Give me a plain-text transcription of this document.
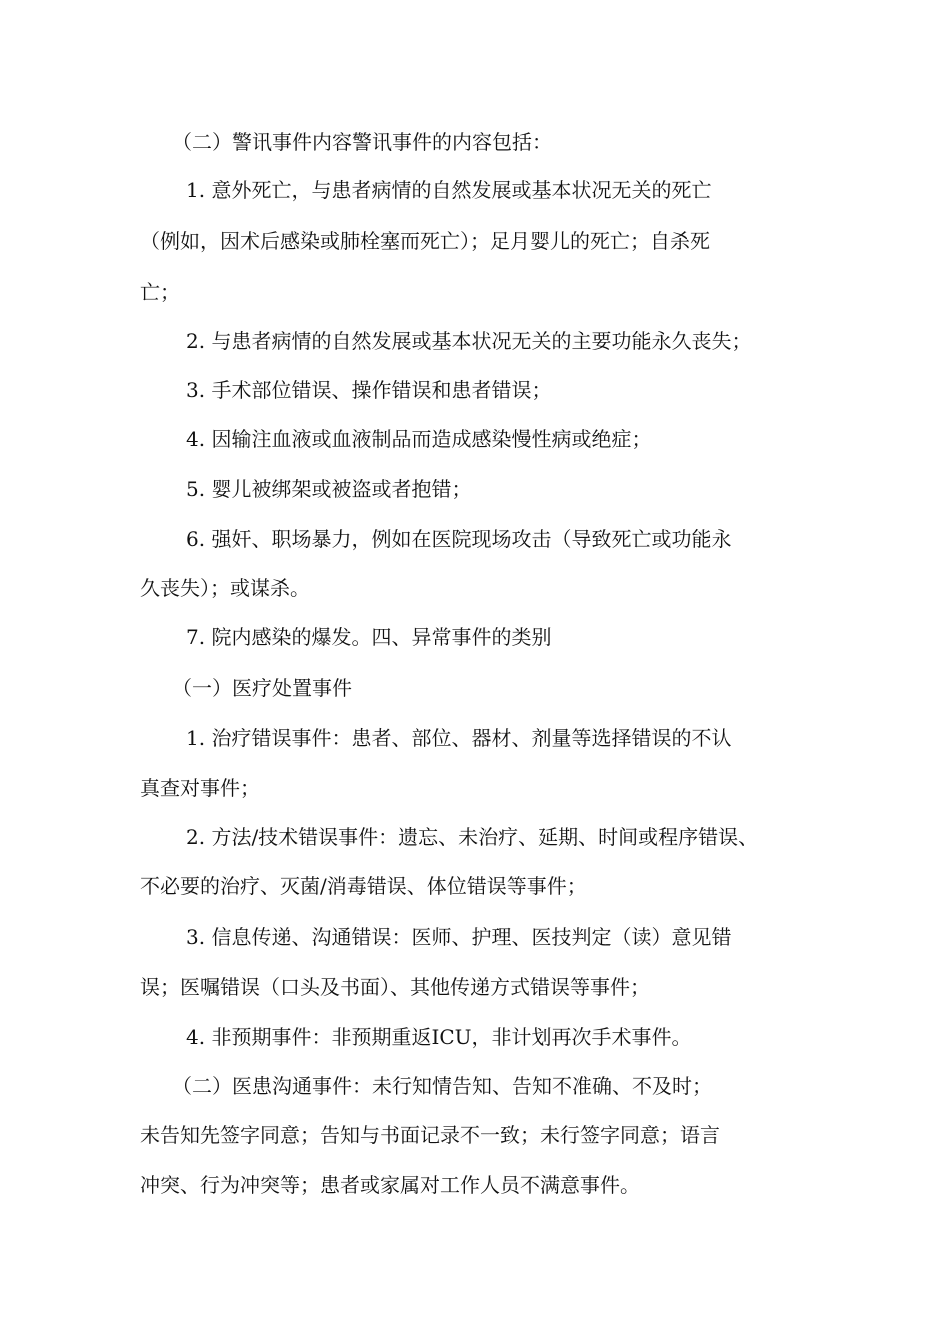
（二）警讯事件内容警讯事件的内容包括：
1. 意外死亡，与患者病情的自然发展或基本状况无关的死亡
（例如，因术后感染或肺栓塞而死亡）；足月婴儿的死亡；自杀死
亡；
2. 与患者病情的自然发展或基本状况无关的主要功能永久丧失；
3. 手术部位错误、操作错误和患者错误；
4. 因输注血液或血液制品而造成感染慢性病或绝症；
5. 婴儿被绑架或被盗或者抱错；
6. 强奸、职场暴力，例如在医院现场攻击（导致死亡或功能永
久丧失）；或谋杀。
7. 院内感染的爆发。四、异常事件的类别
（一）医疗处置事件
1. 治疗错误事件：患者、部位、器材、剂量等选择错误的不认
真查对事件；
2. 方法/技术错误事件：遗忘、未治疗、延期、时间或程序错误、
不必要的治疗、灭菌/消毒错误、体位错误等事件；
3. 信息传递、沟通错误：医师、护理、医技判定（读）意见错
误；医嘱错误（口头及书面）、其他传递方式错误等事件；
4. 非预期事件：非预期重返ICU，非计划再次手术事件。
（二）医患沟通事件：未行知情告知、告知不准确、不及时；
未告知先签字同意；告知与书面记录不一致；未行签字同意；语言
冲突、行为冲突等；患者或家属对工作人员不满意事件。
